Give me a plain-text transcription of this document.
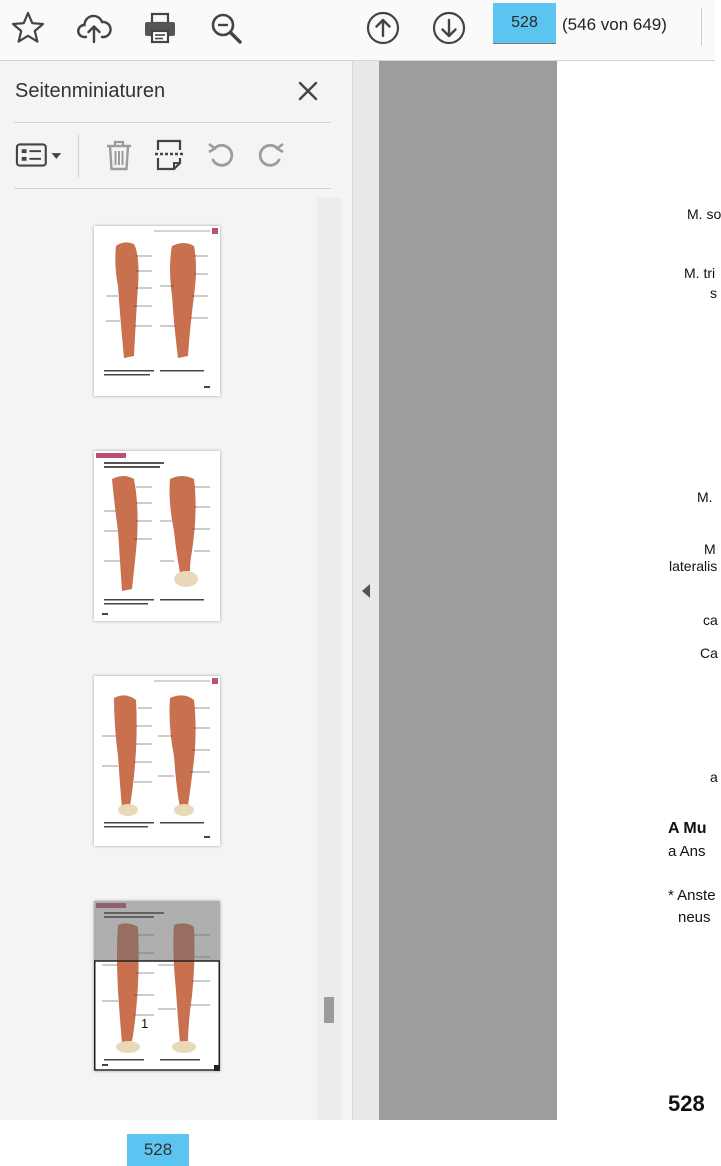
528	(546 von 649)
Seitenminiaturen
1
528
M. so
M. tri
s
M.
M
lateralis
ca
Ca
a
A Mu
a Ans
* Anste
neus
528
